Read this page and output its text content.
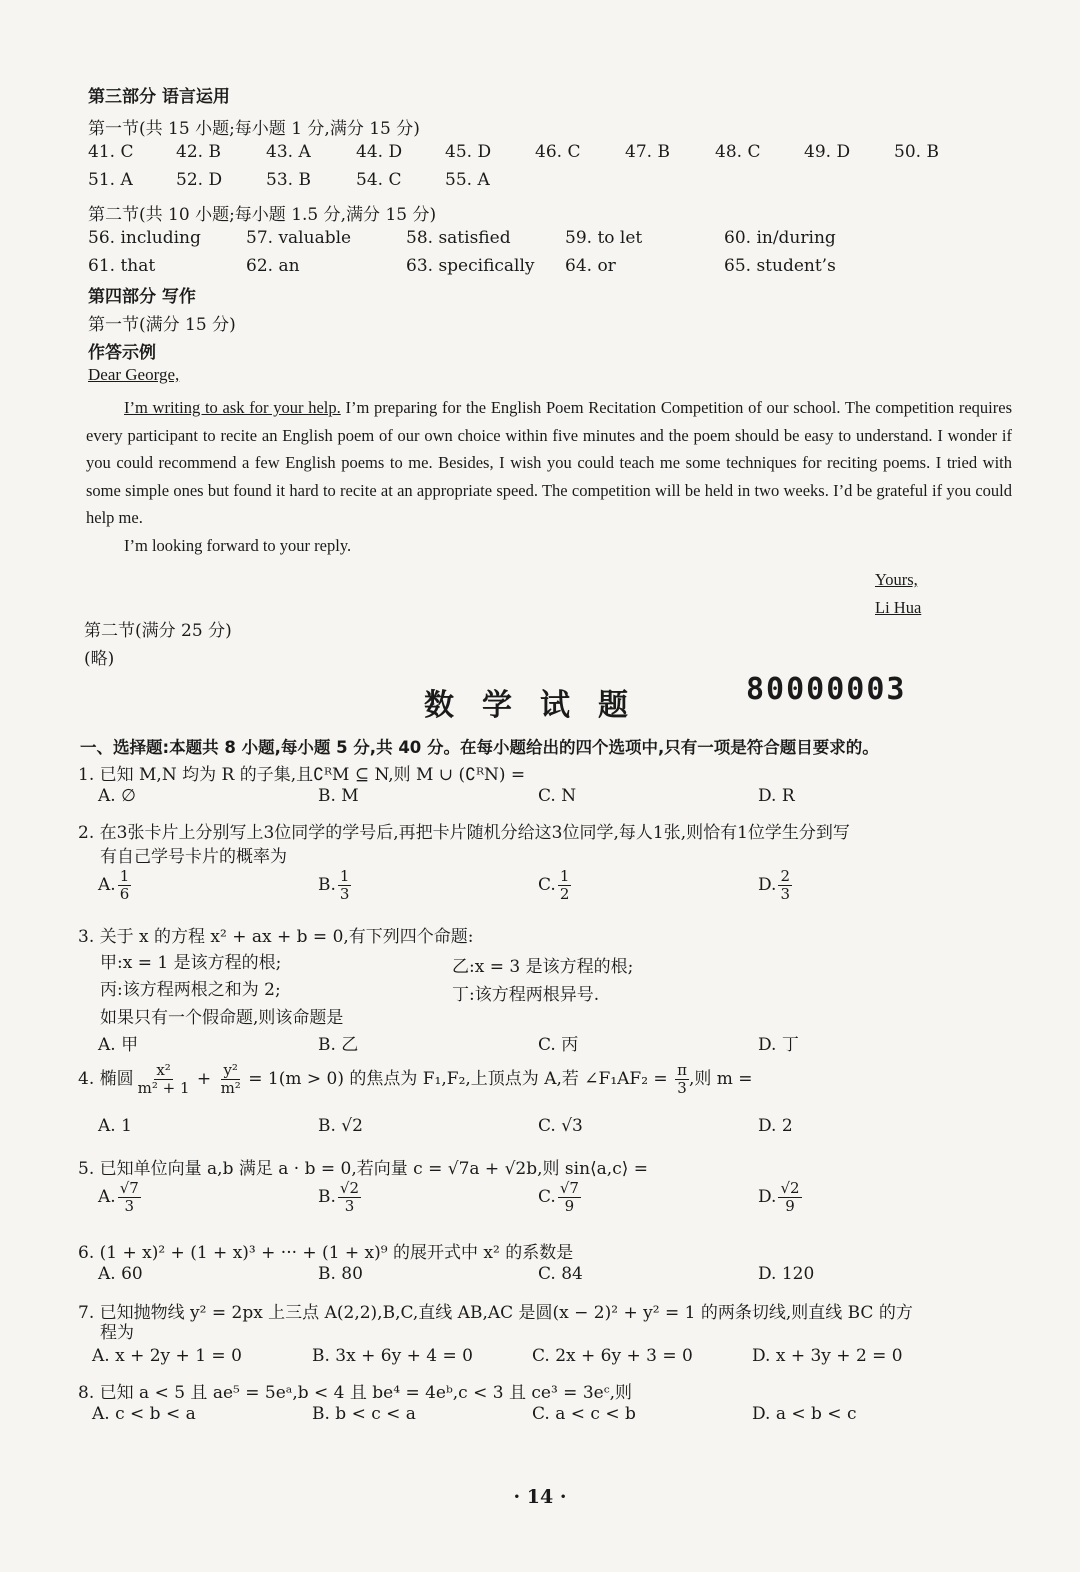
第三部分 语言运用
第一节(共 15 小题;每小题 1 分,满分 15 分)
41. C	42. B	43. A	44. D	45. D	46. C	47. B	48. C	49. D	50. B
51. A	52. D	53. B	54. C	55. A
第二节(共 10 小题;每小题 1.5 分,满分 15 分)
56. including	57. valuable	58. satisfied	59. to let	60. in/during
61. that	62. an	63. specifically 64. or	65. student’s
第四部分 写作
第一节(满分 15 分)
作答示例
Dear George,

I’m writing to ask for your help. I’m preparing for the English Poem Recitation Competition of our school. The competition requires every participant to recite an English poem of our own choice within five minutes and the poem should be easy to understand. I wonder if you could recommend a few English poems to me. Besides, I wish you could teach me some techniques for reciting poems. I tried with some simple ones but found it hard to recite at an appropriate speed. The competition will be held in two weeks. I’d be grateful if you could help me.

I’m looking forward to your reply.

Yours,
Li Hua
第二节(满分 25 分)
(略)
数学试题	80000003
一、选择题:本题共 8 小题,每小题 5 分,共 40 分。在每小题给出的四个选项中,只有一项是符合题目要求的。
1. 已知 M,N 均为 R 的子集,且∁ᴿM ⊆ N,则 M ∪ (∁ᴿN) =
A. ∅	B. M	C. N	D. R
2. 在3张卡片上分别写上3位同学的学号后,再把卡片随机分给这3位同学,每人1张,则恰有1位学生分到写
有自己学号卡片的概率为
A. $\frac{1}{6}$	B. $\frac{1}{3}$	C. $\frac{1}{2}$	D. $\frac{2}{3}$
3. 关于 x 的方程 x² + ax + b = 0,有下列四个命题:
甲:x = 1 是该方程的根;	乙:x = 3 是该方程的根;
丙:该方程两根之和为 2;	丁:该方程两根异号.
如果只有一个假命题,则该命题是
A. 甲	B. 乙	C. 丙	D. 丁
4. 椭圆 $\frac{\text{x²}}{\text{m² + 1}} + \frac{\text{y²}}{\text{m²}} = 1(m > 0)$ 的焦点为 F₁,F₂,上顶点为 A,若 ∠F₁AF₂ = $\frac{\pi}{3}$ ,则 m =
A. 1	B. √2	C. √3	D. 2
5. 已知单位向量 a,b 满足 a · b = 0,若向量 c = √7a + √2b,则 sin⟨a,c⟩ =
A. $\frac{√7}{3}$	B. $\frac{√2}{3}$	C. $\frac{√7}{9}$	D. $\frac{√2}{9}$
6. (1 + x)² + (1 + x)³ + ··· + (1 + x)⁹ 的展开式中 x² 的系数是
A. 60	B. 80	C. 84	D. 120
7. 已知抛物线 y² = 2px 上三点 A(2,2),B,C,直线 AB,AC 是圆(x − 2)² + y² = 1 的两条切线,则直线 BC 的方
程为
A. x + 2y + 1 = 0	B. 3x + 6y + 4 = 0	C. 2x + 6y + 3 = 0	D. x + 3y + 2 = 0
8. 已知 a < 5 且 ae⁵ = 5eᵃ,b < 4 且 be⁴ = 4eᵇ,c < 3 且 ce³ = 3eᶜ,则
A. c < b < a	B. b < c < a	C. a < c < b	D. a < b < c
· 14 ·
